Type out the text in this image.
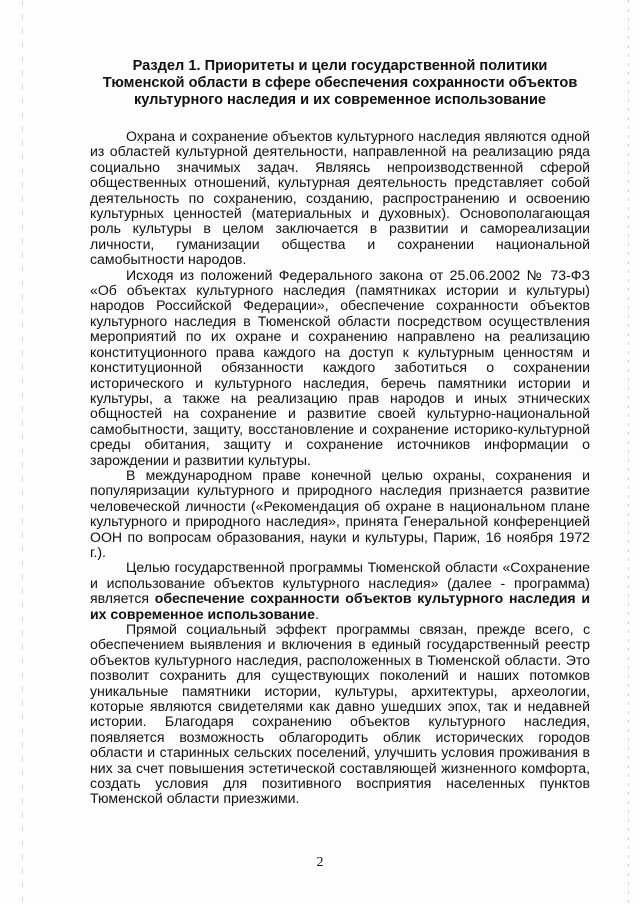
Раздел 1. Приоритеты и цели государственной политики Тюменской области в сфере обеспечения сохранности объектов культурного наследия и их современное использование

Охрана и сохранение объектов культурного наследия являются одной из областей культурной деятельности, направленной на реализацию ряда социально значимых задач. Являясь непроизводственной сферой общественных отношений, культурная деятельность представляет собой деятельность по сохранению, созданию, распространению и освоению культурных ценностей (материальных и духовных). Основополагающая роль культуры в целом заключается в развитии и самореализации личности, гуманизации общества и сохранении национальной самобытности народов.

Исходя из положений Федерального закона от 25.06.2002 № 73-ФЗ «Об объектах культурного наследия (памятниках истории и культуры) народов Российской Федерации», обеспечение сохранности объектов культурного наследия в Тюменской области посредством осуществления мероприятий по их охране и сохранению направлено на реализацию конституционного права каждого на доступ к культурным ценностям и конституционной обязанности каждого заботиться о сохранении исторического и культурного наследия, беречь памятники истории и культуры, а также на реализацию прав народов и иных этнических общностей на сохранение и развитие своей культурно-национальной самобытности, защиту, восстановление и сохранение историко-культурной среды обитания, защиту и сохранение источников информации о зарождении и развитии культуры.

В международном праве конечной целью охраны, сохранения и популяризации культурного и природного наследия признается развитие человеческой личности («Рекомендация об охране в национальном плане культурного и природного наследия», принята Генеральной конференцией ООН по вопросам образования, науки и культуры, Париж, 16 ноября 1972 г.).

Целью государственной программы Тюменской области «Сохранение и использование объектов культурного наследия» (далее - программа) является обеспечение сохранности объектов культурного наследия и их современное использование.

Прямой социальный эффект программы связан, прежде всего, с обеспечением выявления и включения в единый государственный реестр объектов культурного наследия, расположенных в Тюменской области. Это позволит сохранить для существующих поколений и наших потомков уникальные памятники истории, культуры, архитектуры, археологии, которые являются свидетелями как давно ушедших эпох, так и недавней истории. Благодаря сохранению объектов культурного наследия, появляется возможность облагородить облик исторических городов области и старинных сельских поселений, улучшить условия проживания в них за счет повышения эстетической составляющей жизненного комфорта, создать условия для позитивного восприятия населенных пунктов Тюменской области приезжими.

2
